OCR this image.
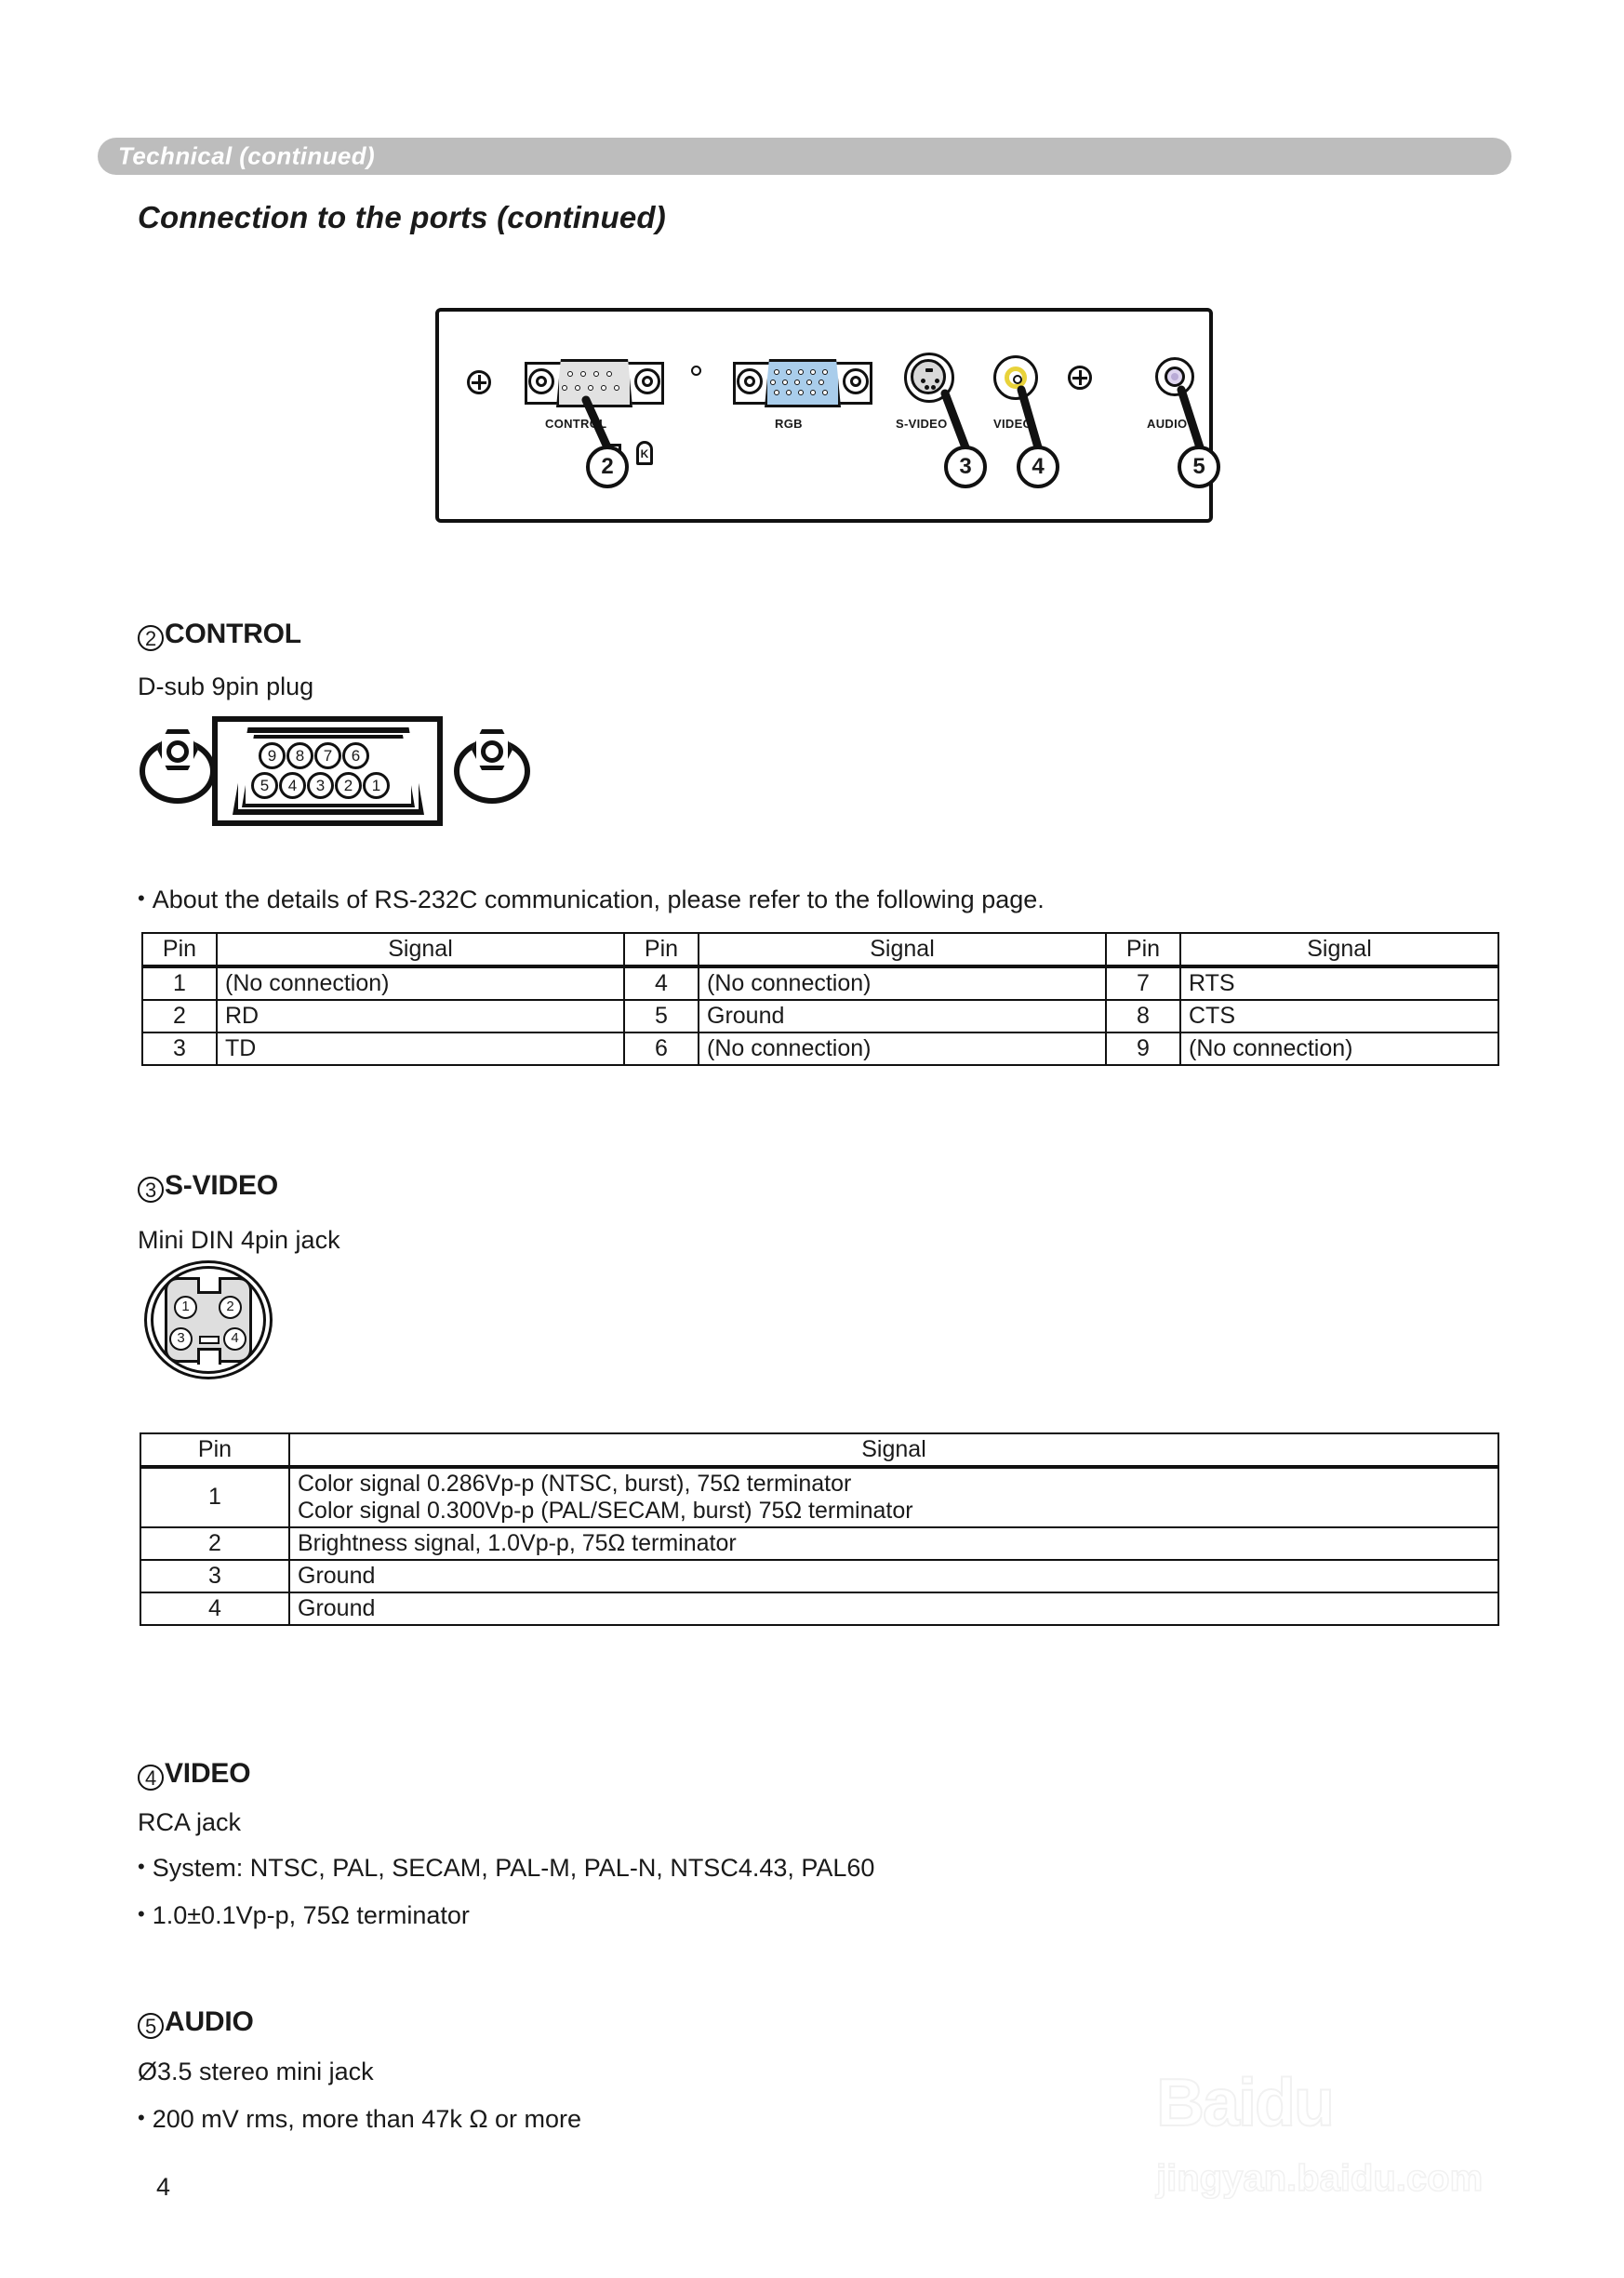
Technical (continued)
Connection to the ports (continued)
CONTROL	RGB	S-VIDEO	VIDEO	AUDIO
K
2	3	4	5
2 CONTROL
D-sub 9pin plug
9	8	7	6
5	4	3	2	1
• About the details of RS-232C communication, please refer to the following page.
Pin	Signal	Pin	Signal	Pin	Signal
1	(No connection)	4	(No connection)	7	RTS
2	RD	5	Ground	8	CTS
3	TD	6	(No connection)	9	(No connection)
3 S-VIDEO
Mini DIN 4pin jack
1	2
3	4
Pin	Signal
1	Color signal 0.286Vp-p (NTSC, burst), 75Ω terminator
Color signal 0.300Vp-p (PAL/SECAM, burst) 75Ω terminator

2	Brightness signal, 1.0Vp-p, 75Ω terminator
3	Ground
4	Ground
4 VIDEO
RCA jack
• System: NTSC, PAL, SECAM, PAL-M, PAL-N, NTSC4.43, PAL60
• 1.0±0.1Vp-p, 75Ω terminator
5 AUDIO
Ø3.5 stereo mini jack
• 200 mV rms, more than 47k Ω or more
4
Baidu
jingyan.baidu.com
